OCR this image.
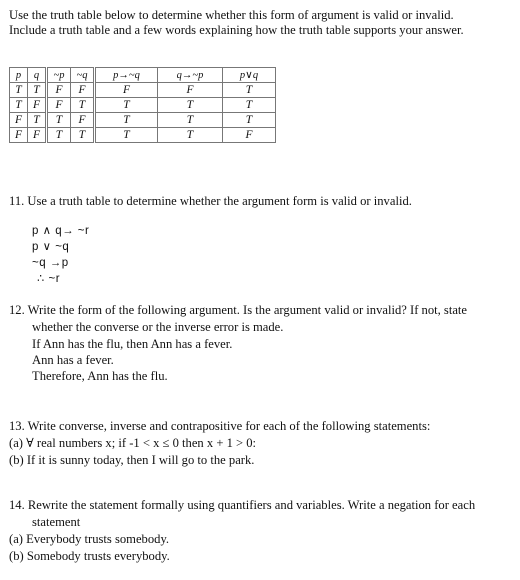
Use the truth table below to determine whether this form of argument is valid or invalid.
Include a truth table and a few words explaining how the truth table supports your answer.
p	q	~p	~q	p→~q	q→~p	p∨q
T	T	F	F	F	F	T
T	F	F	T	T	T	T
F	T	T	F	T	T	T
F	F	T	T	T	T	F
11. Use a truth table to determine whether the argument form is valid or invalid.
p ∧ q→ ~r
p ∨ ~q
~q →p
∴ ~r
12. Write the form of the following argument. Is the argument valid or invalid? If not, state
whether the converse or the inverse error is made.
If Ann has the flu, then Ann has a fever.
Ann has a fever.
Therefore, Ann has the flu.
13. Write converse, inverse and contrapositive for each of the following statements:
(a) ∀ real numbers x; if -1 < x ≤ 0 then x + 1 > 0:
(b) If it is sunny today, then I will go to the park.
14. Rewrite the statement formally using quantifiers and variables. Write a negation for each
statement
(a) Everybody trusts somebody.
(b) Somebody trusts everybody.
